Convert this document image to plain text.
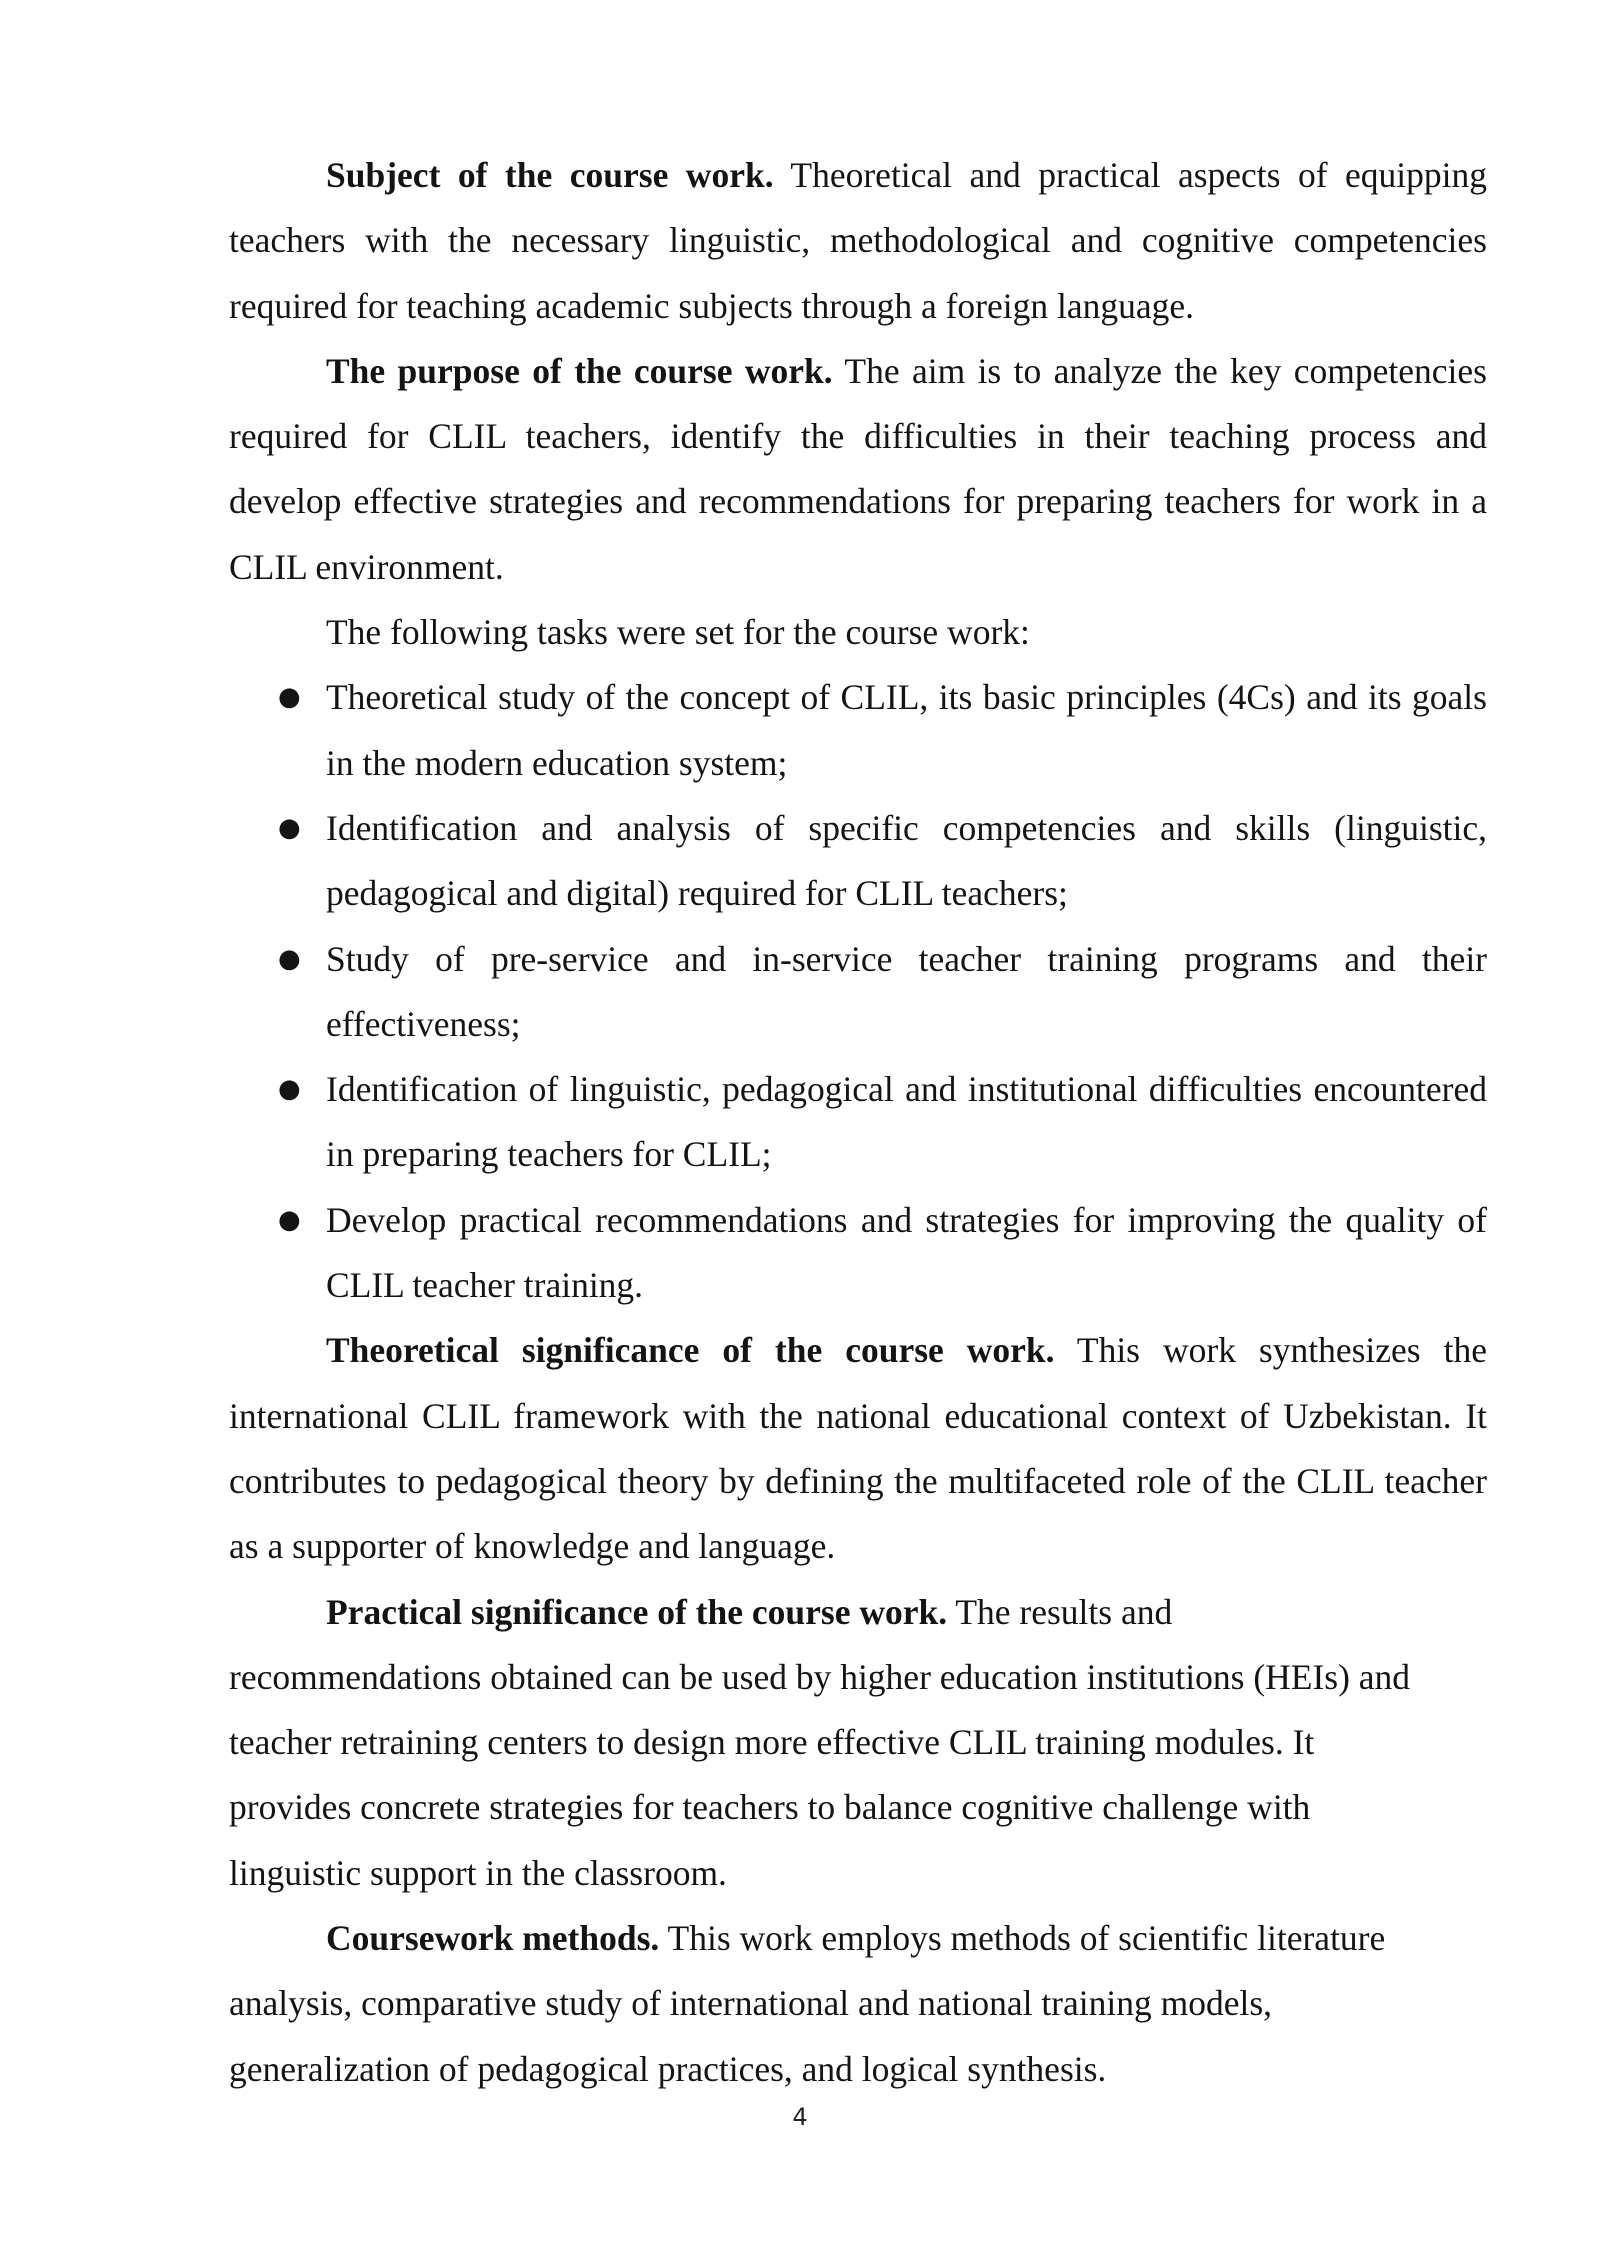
Subject of the course work. Theoretical and practical aspects of equipping teachers with the necessary linguistic, methodological and cognitive competencies required for teaching academic subjects through a foreign language.

The purpose of the course work. The aim is to analyze the key competencies required for CLIL teachers, identify the difficulties in their teaching process and develop effective strategies and recommendations for preparing teachers for work in a CLIL environment.

The following tasks were set for the course work:

● Theoretical study of the concept of CLIL, its basic principles (4Cs) and its goals in the modern education system;
● Identification and analysis of specific competencies and skills (linguistic, pedagogical and digital) required for CLIL teachers;
● Study of pre-service and in-service teacher training programs and their effectiveness;
● Identification of linguistic, pedagogical and institutional difficulties encountered in preparing teachers for CLIL;
● Develop practical recommendations and strategies for improving the quality of CLIL teacher training.

Theoretical significance of the course work. This work synthesizes the international CLIL framework with the national educational context of Uzbekistan. It contributes to pedagogical theory by defining the multifaceted role of the CLIL teacher as a supporter of knowledge and language.

Practical significance of the course work. The results and
recommendations obtained can be used by higher education institutions (HEIs) and
teacher retraining centers to design more effective CLIL training modules. It
provides concrete strategies for teachers to balance cognitive challenge with
linguistic support in the classroom.
Coursework methods. This work employs methods of scientific literature
analysis, comparative study of international and national training models,
generalization of pedagogical practices, and logical synthesis.
4
